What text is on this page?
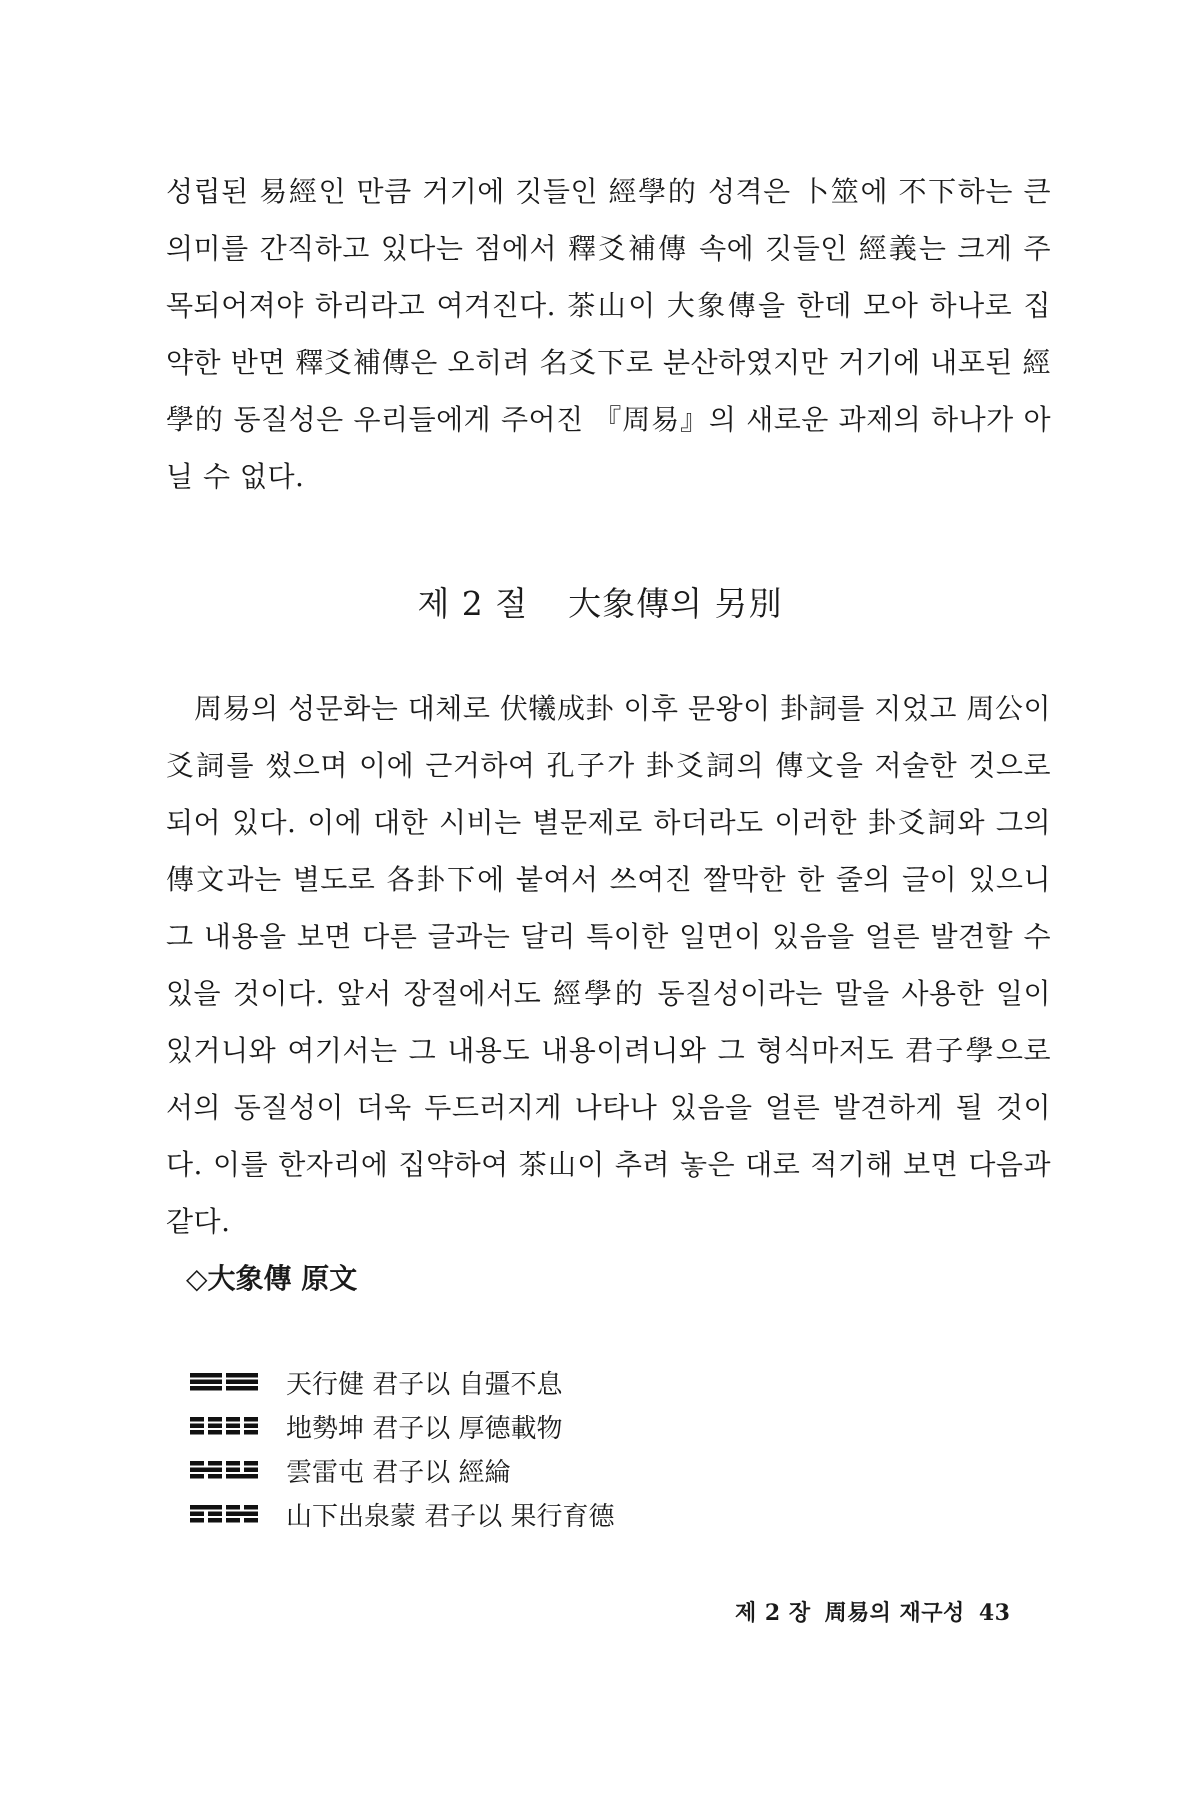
성립된 易經인 만큼 거기에 깃들인 經學的 성격은 卜筮에 不下하는 큰 의미를 간직하고 있다는 점에서 釋爻補傳 속에 깃들인 經義는 크게 주목되어져야 하리라고 여겨진다. 茶山이 大象傳을 한데 모아 하나로 집약한 반면 釋爻補傳은 오히려 名爻下로 분산하였지만 거기에 내포된 經學的 동질성은 우리들에게 주어진 『周易』의 새로운 과제의 하나가 아닐 수 없다.

제 2 절 大象傳의 另別

周易의 성문화는 대체로 伏犧成卦 이후 문왕이 卦詞를 지었고 周公이 爻詞를 썼으며 이에 근거하여 孔子가 卦爻詞의 傳文을 저술한 것으로 되어 있다. 이에 대한 시비는 별문제로 하더라도 이러한 卦爻詞와 그의 傳文과는 별도로 各卦下에 붙여서 쓰여진 짤막한 한 줄의 글이 있으니 그 내용을 보면 다른 글과는 달리 특이한 일면이 있음을 얼른 발견할 수 있을 것이다. 앞서 장절에서도 經學的 동질성이라는 말을 사용한 일이 있거니와 여기서는 그 내용도 내용이려니와 그 형식마저도 君子學으로서의 동질성이 더욱 두드러지게 나타나 있음을 얼른 발견하게 될 것이다. 이를 한자리에 집약하여 茶山이 추려 놓은 대로 적기해 보면 다음과 같다.

◇大象傳 原文
天行健 君子以 自彊不息
地勢坤 君子以 厚德載物
雲雷屯 君子以 經綸
山下出泉蒙 君子以 果行育德
제 2 장 周易의 재구성 43
